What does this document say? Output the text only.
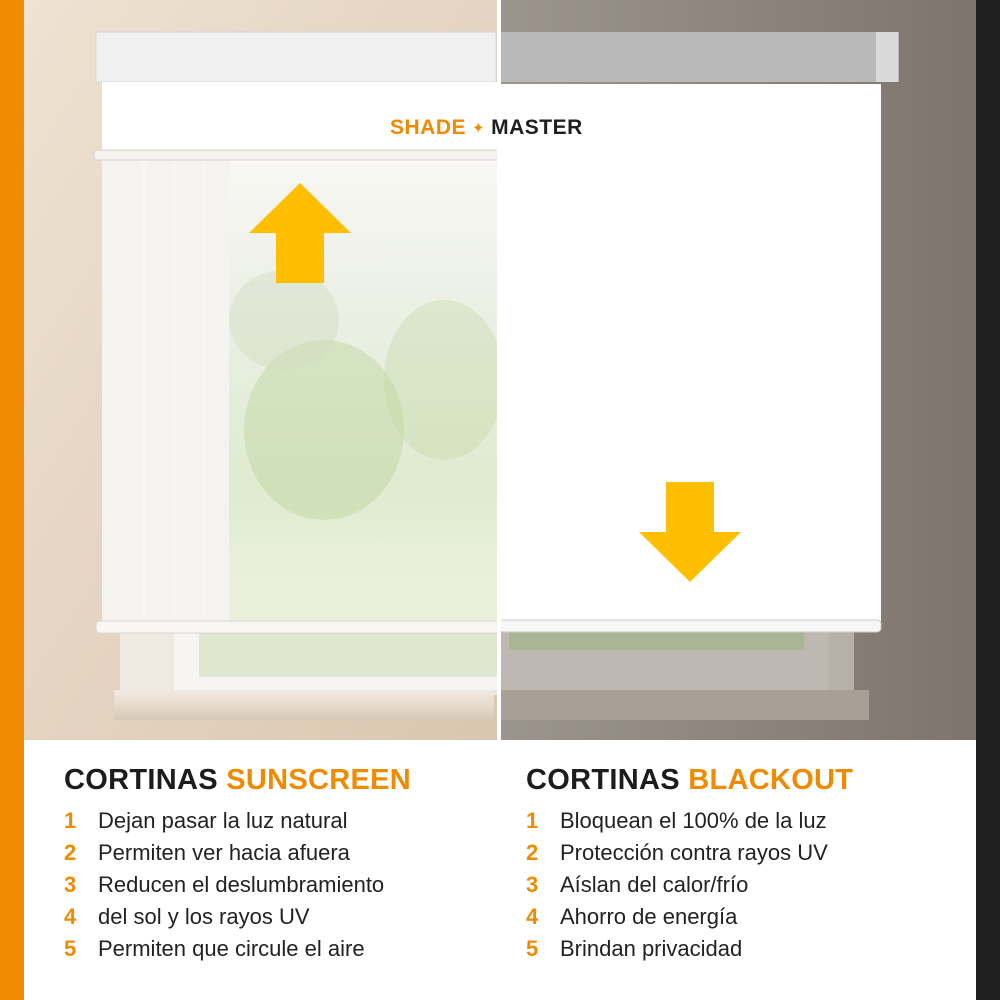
SHADE ✦ MASTER
CORTINAS SUNSCREEN
1 Dejan pasar la luz natural
2 Permiten ver hacia afuera
3 Reducen el deslumbramiento
4 del sol y los rayos UV
5 Permiten que circule el aire
CORTINAS BLACKOUT
1 Bloquean el 100% de la luz
2 Protección contra rayos UV
3 Aíslan del calor/frío
4 Ahorro de energía
5 Brindan privacidad
